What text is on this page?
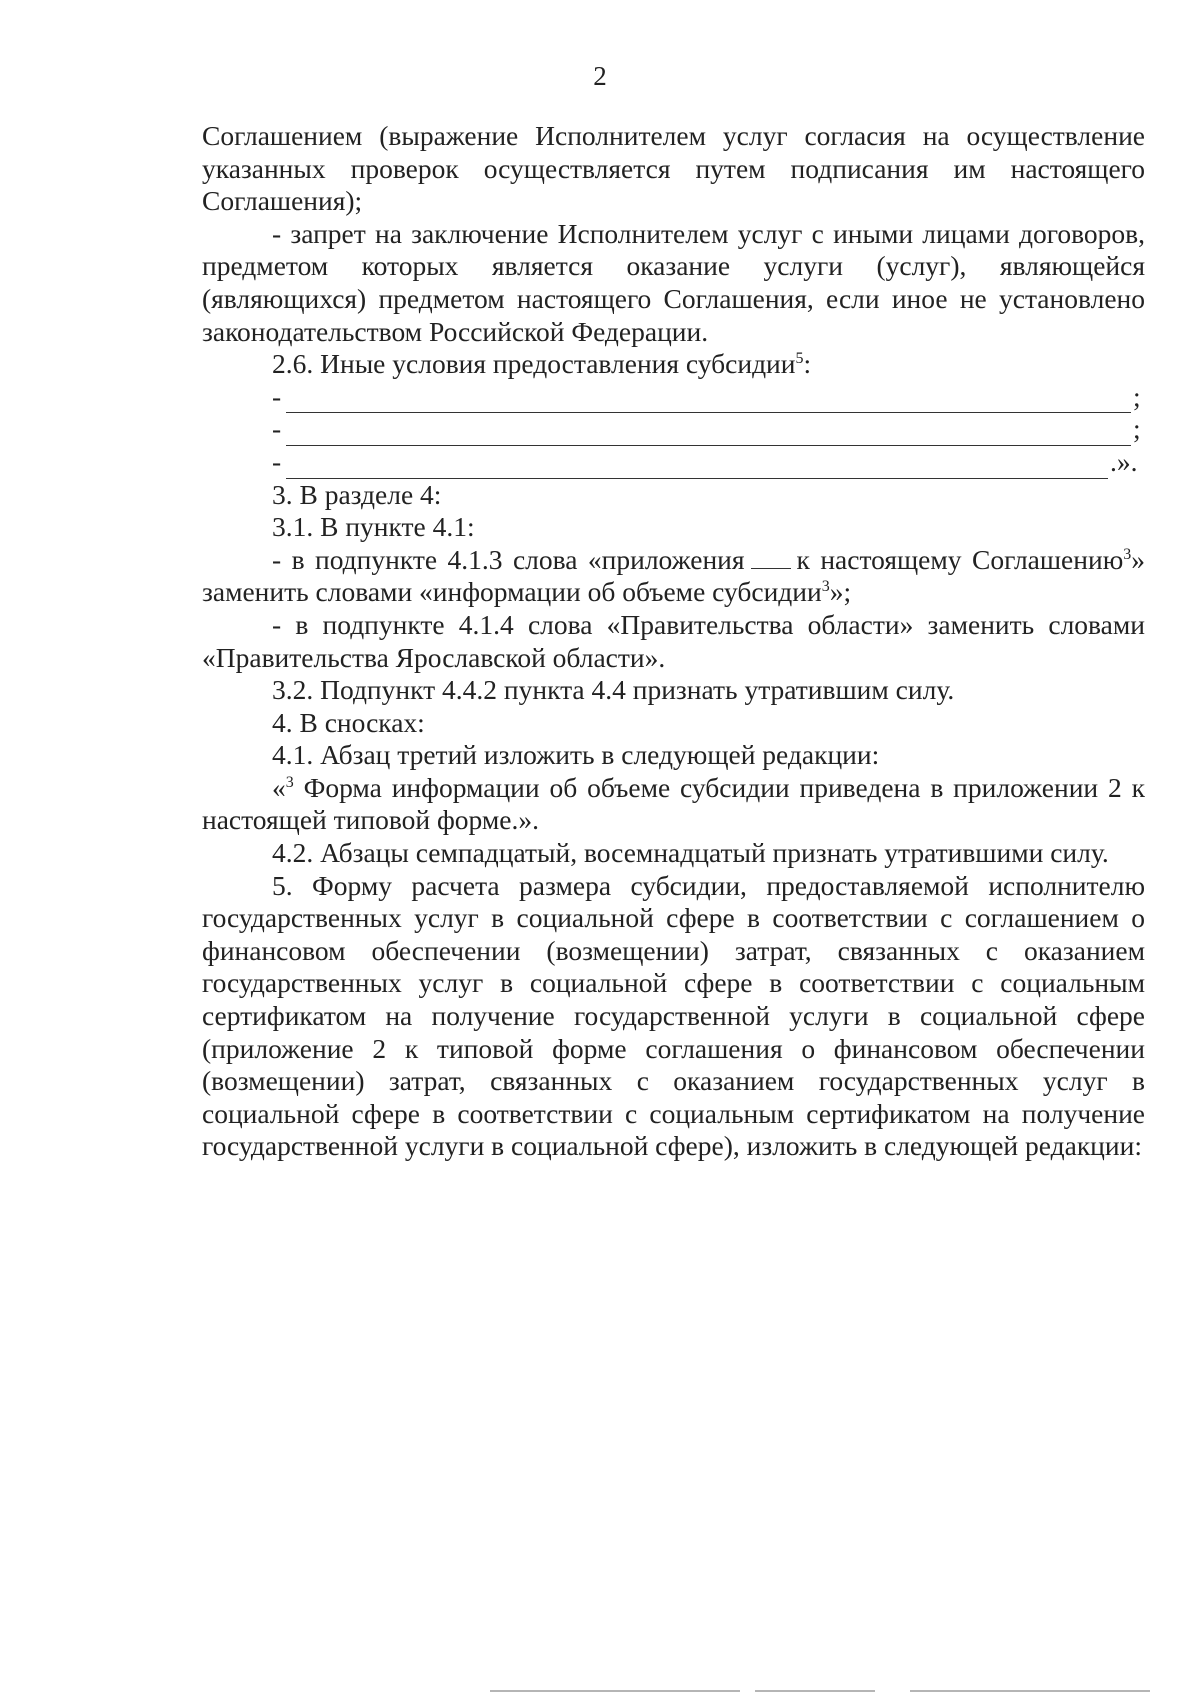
2

Соглашением (выражение Исполнителем услуг согласия на осуществление указанных проверок осуществляется путем подписания им настоящего Соглашения);

- запрет на заключение Исполнителем услуг с иными лицами договоров, предметом которых является оказание услуги (услуг), являющейся (являющихся) предметом настоящего Соглашения, если иное не установлено законодательством Российской Федерации.

2.6. Иные условия предоставления субсидии$^5$:

-	;
-	;
-	.».

3. В разделе 4:

3.1. В пункте 4.1:

- в подпункте 4.1.3 слова «приложения к настоящему Соглашению$^3$» заменить словами «информации об объеме субсидии$^3$»;

- в подпункте 4.1.4 слова «Правительства области» заменить словами «Правительства Ярославской области».

3.2. Подпункт 4.4.2 пункта 4.4 признать утратившим силу.

4. В сносках:

4.1. Абзац третий изложить в следующей редакции:

«$^3$ Форма информации об объеме субсидии приведена в приложении 2 к настоящей типовой форме.».

4.2. Абзацы семпадцатый, восемнадцатый признать утратившими силу.

5. Форму расчета размера субсидии, предоставляемой исполнителю государственных услуг в социальной сфере в соответствии с соглашением о финансовом обеспечении (возмещении) затрат, связанных с оказанием государственных услуг в социальной сфере в соответствии с социальным сертификатом на получение государственной услуги в социальной сфере (приложение 2 к типовой форме соглашения о финансовом обеспечении (возмещении) затрат, связанных с оказанием государственных услуг в социальной сфере в соответствии с социальным сертификатом на получение государственной услуги в социальной сфере), изложить в следующей редакции:
